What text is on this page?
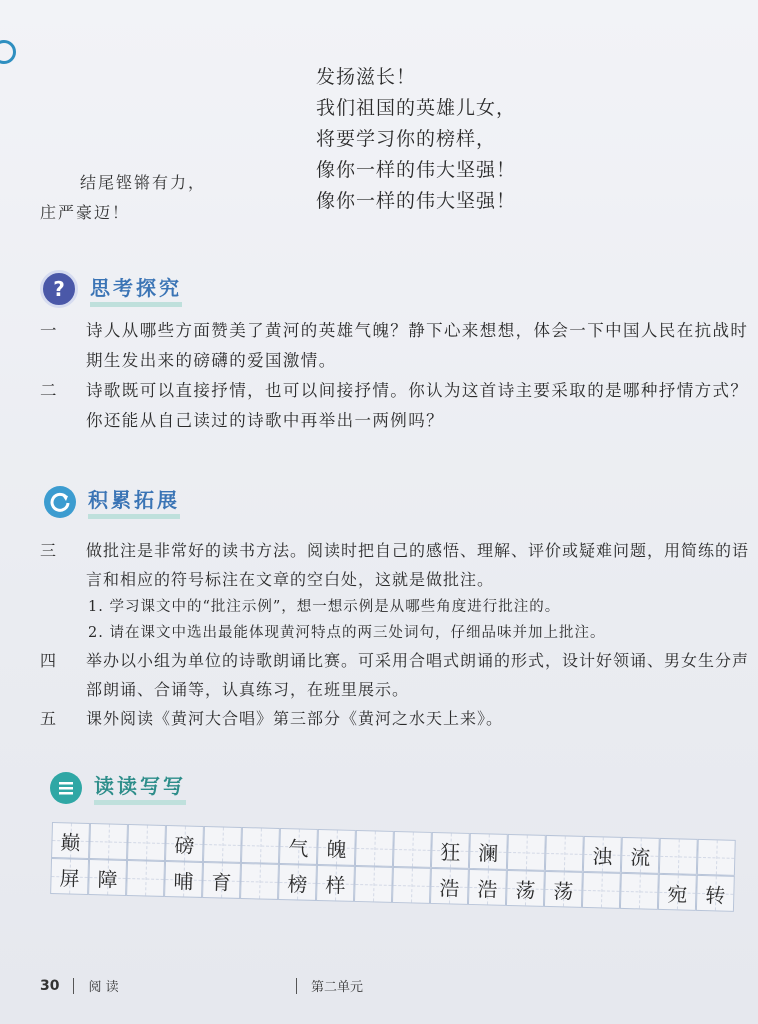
发扬滋长！
我们祖国的英雄儿女，
将要学习你的榜样，
像你一样的伟大坚强！
像你一样的伟大坚强！
结尾铿锵有力，
庄严豪迈！
?	思考探究
一 诗人从哪些方面赞美了黄河的英雄气魄？静下心来想想，体会一下中国人民在抗战时期生发出来的磅礴的爱国激情。
二 诗歌既可以直接抒情，也可以间接抒情。你认为这首诗主要采取的是哪种抒情方式？你还能从自己读过的诗歌中再举出一两例吗？
积累拓展
三 做批注是非常好的读书方法。阅读时把自己的感悟、理解、评价或疑难问题，用简练的语言和相应的符号标注在文章的空白处，这就是做批注。
1. 学习课文中的“批注示例”，想一想示例是从哪些角度进行批注的。
2. 请在课文中选出最能体现黄河特点的两三处词句，仔细品味并加上批注。
四 举办以小组为单位的诗歌朗诵比赛。可采用合唱式朗诵的形式，设计好领诵、男女生分声部朗诵、合诵等，认真练习，在班里展示。
五 课外阅读《黄河大合唱》第三部分《黄河之水天上来》。
读读写写
巅	磅	气 魄	狂 澜	浊 流
屏 障	哺 育	榜 样	浩 浩 荡 荡	宛 转
30 阅 读	第二单元
